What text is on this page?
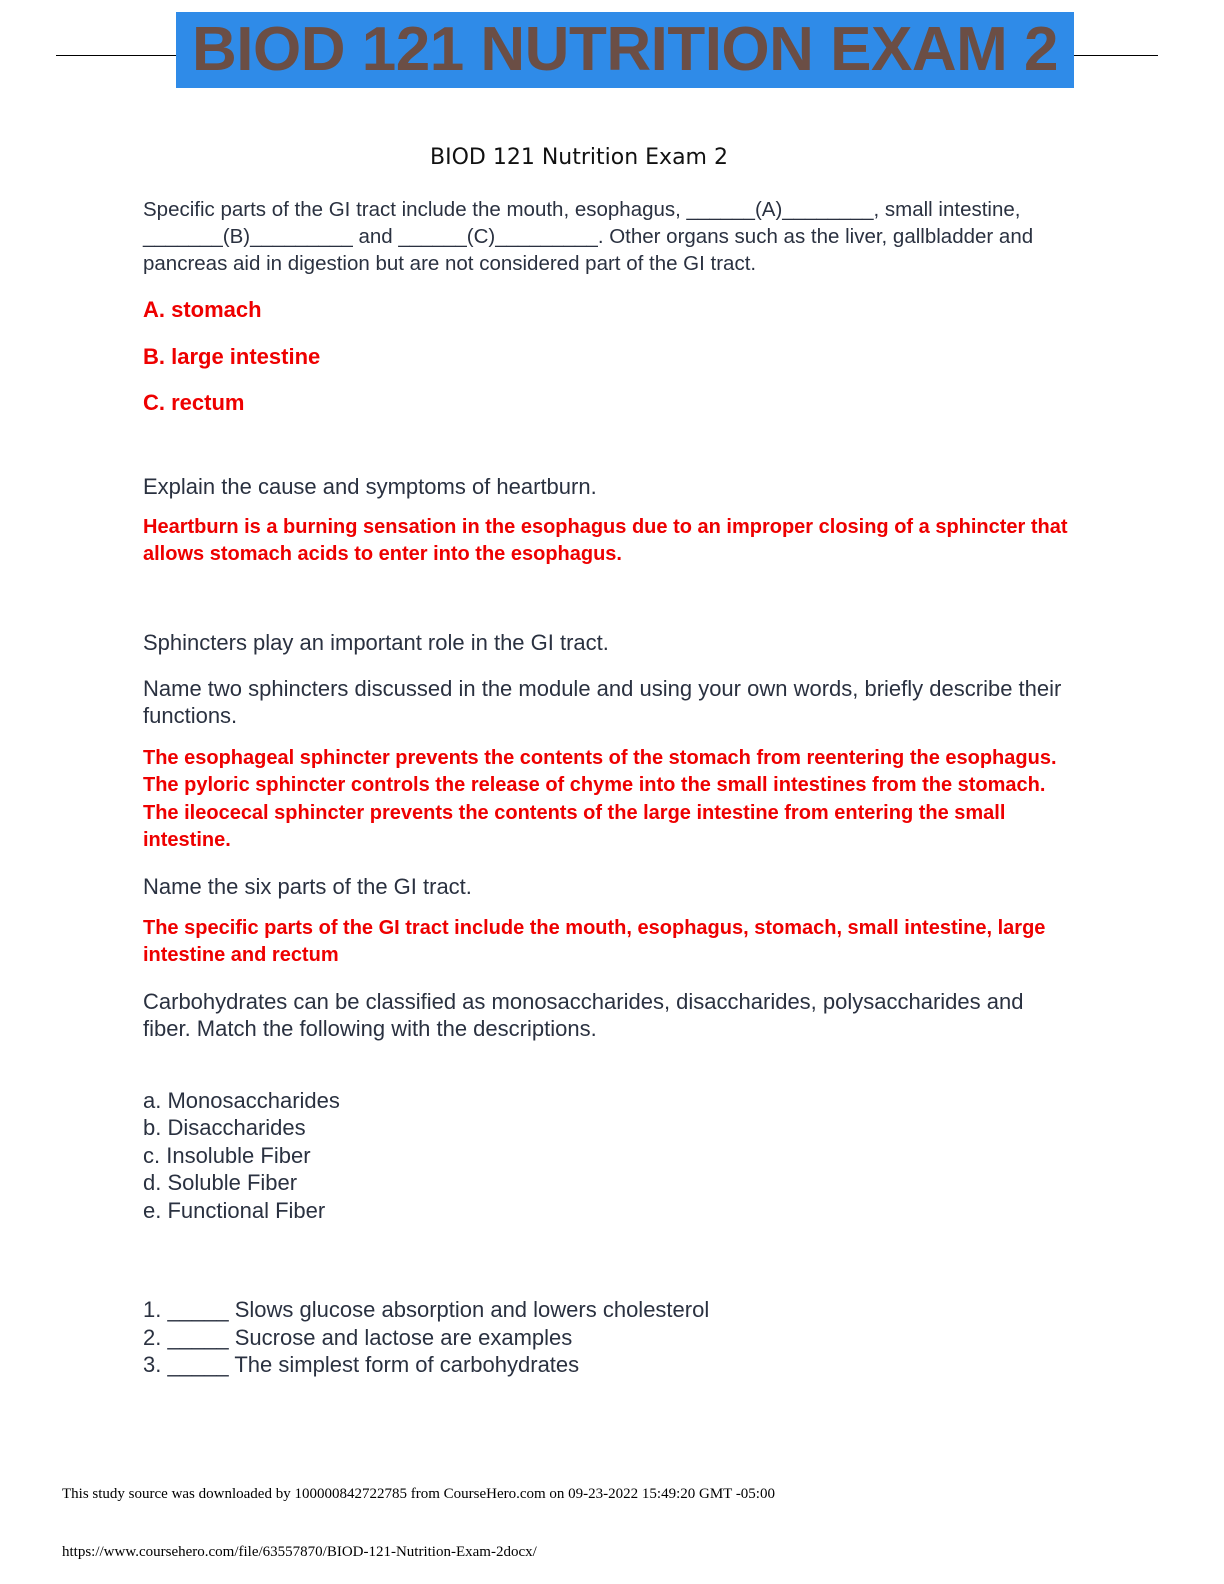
BIOD 121 NUTRITION EXAM 2
BIOD 121 Nutrition Exam 2

Specific parts of the GI tract include the mouth, esophagus, ______(A)________, small intestine, _______(B)_________ and ______(C)_________. Other organs such as the liver, gallbladder and pancreas aid in digestion but are not considered part of the GI tract.

A. stomach

B. large intestine

C. rectum

Explain the cause and symptoms of heartburn.

Heartburn is a burning sensation in the esophagus due to an improper closing of a sphincter that allows stomach acids to enter into the esophagus.

Sphincters play an important role in the GI tract.

Name two sphincters discussed in the module and using your own words, briefly describe their functions.

The esophageal sphincter prevents the contents of the stomach from reentering the esophagus. The pyloric sphincter controls the release of chyme into the small intestines from the stomach. The ileocecal sphincter prevents the contents of the large intestine from entering the small intestine.

Name the six parts of the GI tract.

The specific parts of the GI tract include the mouth, esophagus, stomach, small intestine, large intestine and rectum

Carbohydrates can be classified as monosaccharides, disaccharides, polysaccharides and fiber. Match the following with the descriptions.

a. Monosaccharides

b. Disaccharides

c. Insoluble Fiber

d. Soluble Fiber

e. Functional Fiber

1. _____ Slows glucose absorption and lowers cholesterol

2. _____ Sucrose and lactose are examples

3. _____ The simplest form of carbohydrates

This study source was downloaded by 100000842722785 from CourseHero.com on 09-23-2022 15:49:20 GMT -05:00
https://www.coursehero.com/file/63557870/BIOD-121-Nutrition-Exam-2docx/
